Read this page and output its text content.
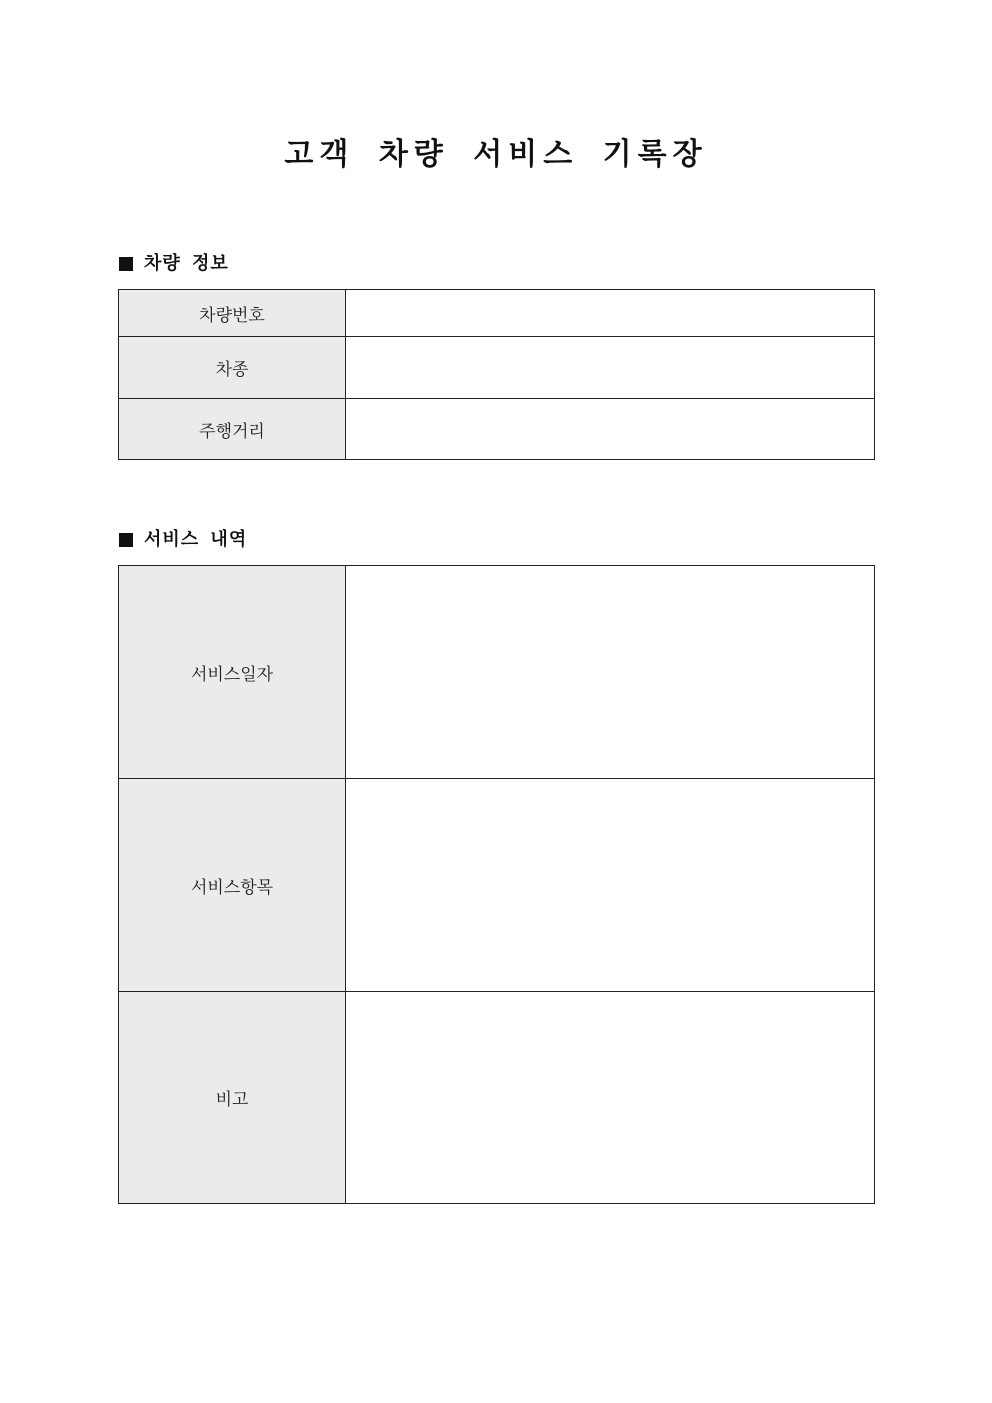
고객 차량 서비스 기록장
차량 정보
차량번호	
차종	
주행거리	
서비스 내역
서비스일자	
서비스항목	
비고	
